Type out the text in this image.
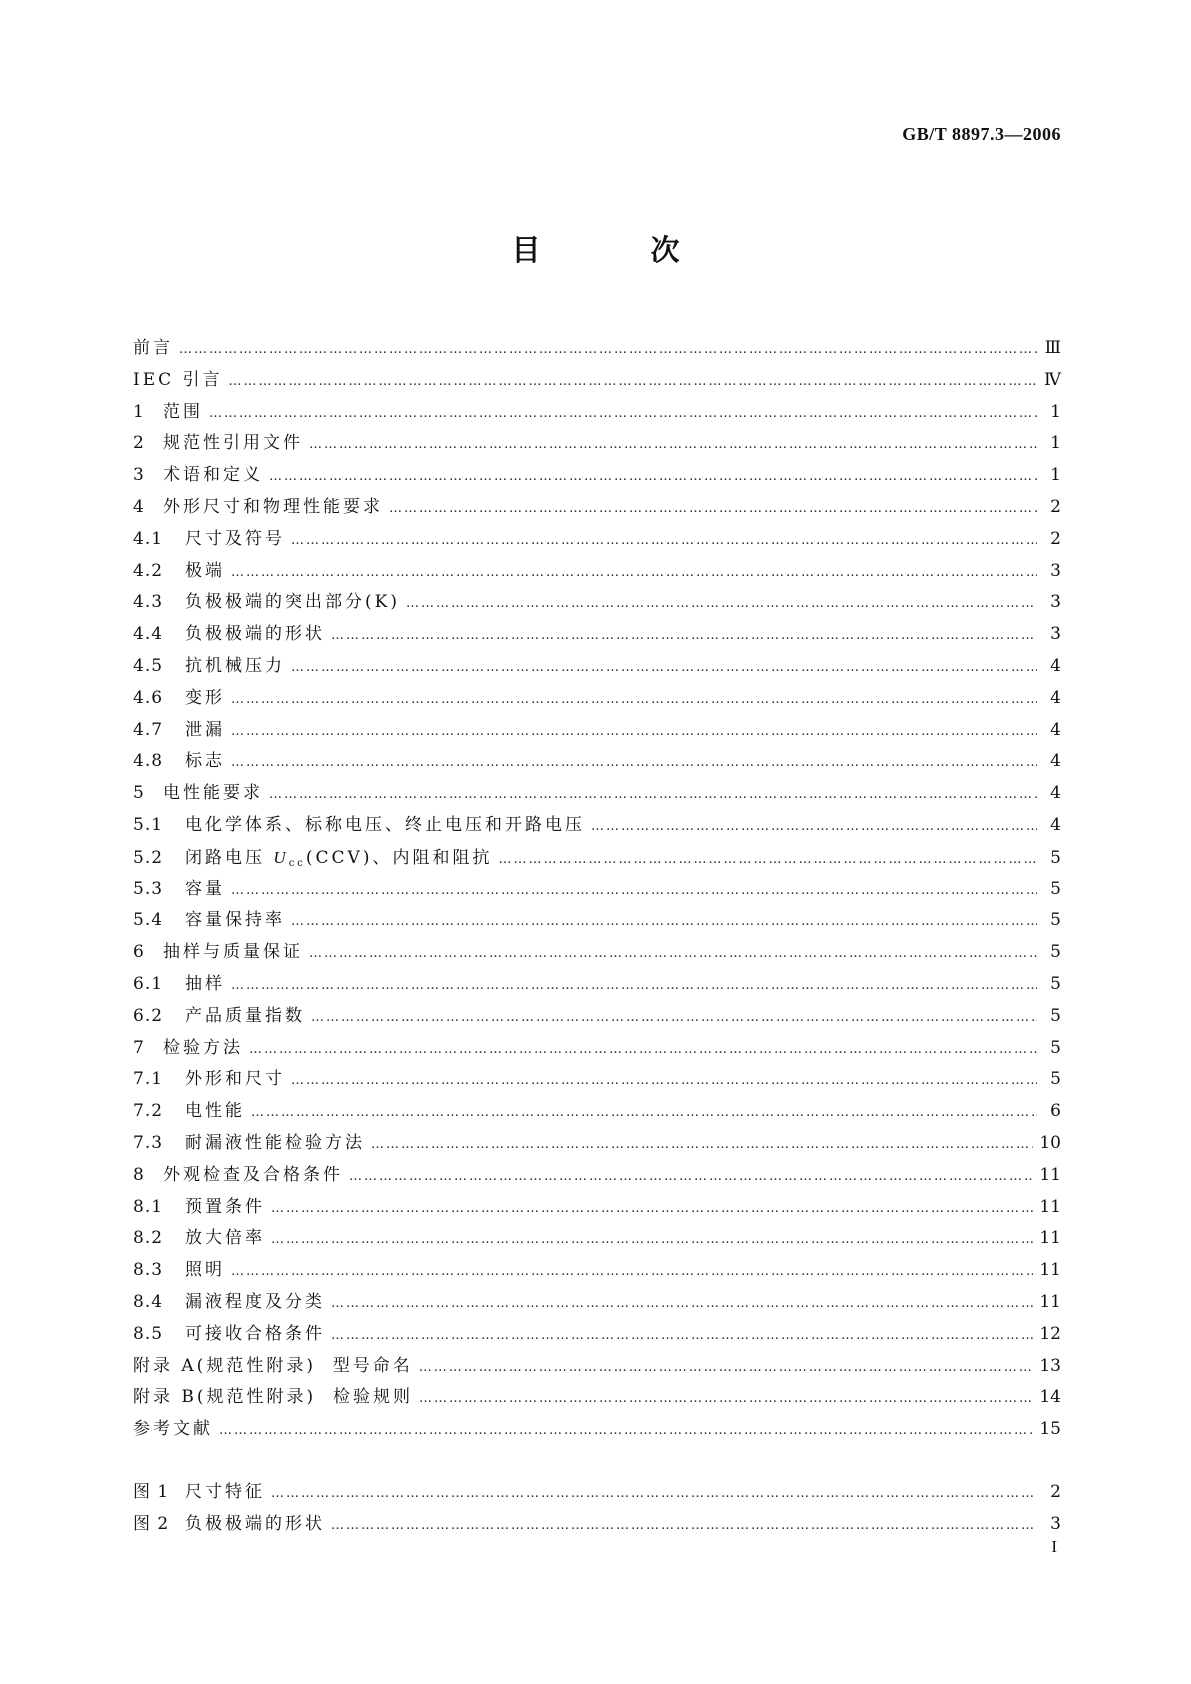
GB/T 8897.3—2006
目 次
前言 ……………………………………………………………………………………………………………………………………………………………………………………………………………………	Ⅲ
IEC 引言 ……………………………………………………………………………………………………………………………………………………………………………………………………………………	Ⅳ
1	范围 ……………………………………………………………………………………………………………………………………………………………………………………………………………………	1
2	规范性引用文件 ……………………………………………………………………………………………………………………………………………………………………………………………………………………	1
3	术语和定义 ……………………………………………………………………………………………………………………………………………………………………………………………………………………	1
4	外形尺寸和物理性能要求 ……………………………………………………………………………………………………………………………………………………………………………………………………………………	2
4.1	尺寸及符号 ……………………………………………………………………………………………………………………………………………………………………………………………………………………	2
4.2	极端 ……………………………………………………………………………………………………………………………………………………………………………………………………………………	3
4.3	负极极端的突出部分(K) ……………………………………………………………………………………………………………………………………………………………………………………………………………………	3
4.4	负极极端的形状 ……………………………………………………………………………………………………………………………………………………………………………………………………………………	3
4.5	抗机械压力 ……………………………………………………………………………………………………………………………………………………………………………………………………………………	4
4.6	变形 ……………………………………………………………………………………………………………………………………………………………………………………………………………………	4
4.7	泄漏 ……………………………………………………………………………………………………………………………………………………………………………………………………………………	4
4.8	标志 ……………………………………………………………………………………………………………………………………………………………………………………………………………………	4
5	电性能要求 ……………………………………………………………………………………………………………………………………………………………………………………………………………………	4
5.1	电化学体系、标称电压、终止电压和开路电压 ……………………………………………………………………………………………………………………………………………………………………………………………………………………	4
5.2	闭路电压 $U_{cc}(CCV)$、内阻和阻抗 ……………………………………………………………………………………………………………………………………………………………………………………………………………………	5
5.3	容量 ……………………………………………………………………………………………………………………………………………………………………………………………………………………	5
5.4	容量保持率 ……………………………………………………………………………………………………………………………………………………………………………………………………………………	5
6	抽样与质量保证 ……………………………………………………………………………………………………………………………………………………………………………………………………………………	5
6.1	抽样 ……………………………………………………………………………………………………………………………………………………………………………………………………………………	5
6.2	产品质量指数 ……………………………………………………………………………………………………………………………………………………………………………………………………………………	5
7	检验方法 ……………………………………………………………………………………………………………………………………………………………………………………………………………………	5
7.1	外形和尺寸 ……………………………………………………………………………………………………………………………………………………………………………………………………………………	5
7.2	电性能 ……………………………………………………………………………………………………………………………………………………………………………………………………………………	6
7.3	耐漏液性能检验方法 ……………………………………………………………………………………………………………………………………………………………………………………………………………………	10
8	外观检查及合格条件 ……………………………………………………………………………………………………………………………………………………………………………………………………………………	11
8.1	预置条件 ……………………………………………………………………………………………………………………………………………………………………………………………………………………	11
8.2	放大倍率 ……………………………………………………………………………………………………………………………………………………………………………………………………………………	11
8.3	照明 ……………………………………………………………………………………………………………………………………………………………………………………………………………………	11
8.4	漏液程度及分类 ……………………………………………………………………………………………………………………………………………………………………………………………………………………	11
8.5	可接收合格条件 ……………………………………………………………………………………………………………………………………………………………………………………………………………………	12
附录 A(规范性附录)  型号命名 ……………………………………………………………………………………………………………………………………………………………………………………………………………………	13
附录 B(规范性附录)  检验规则 ……………………………………………………………………………………………………………………………………………………………………………………………………………………	14
参考文献 ……………………………………………………………………………………………………………………………………………………………………………………………………………………	15
图 1 尺寸特征 ……………………………………………………………………………………………………………………………………………………………………………………………………………………	2
图 2 负极极端的形状 ……………………………………………………………………………………………………………………………………………………………………………………………………………………	3
I
